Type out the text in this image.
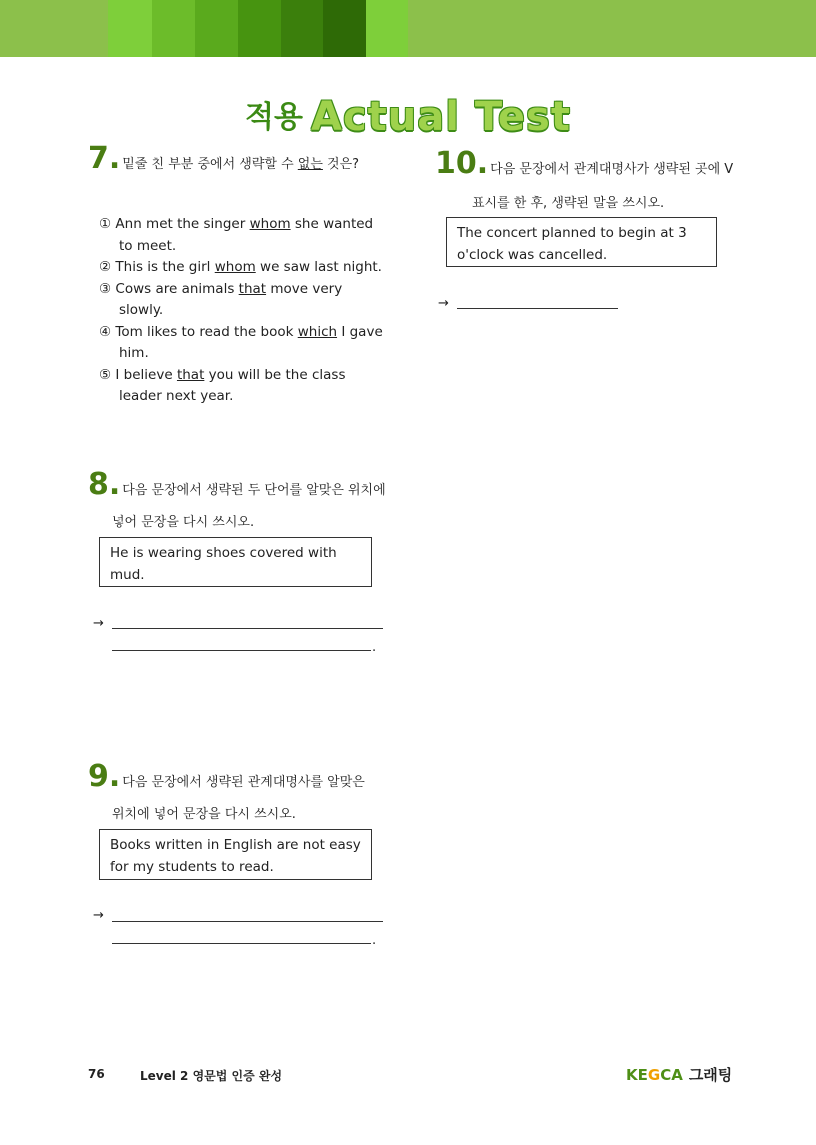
적용 Actual Test
7. 밑줄 친 부분 중에서 생략할 수 없는 것은?
① Ann met the singer whom she wanted to meet.
② This is the girl whom we saw last night.
③ Cows are animals that move very slowly.
④ Tom likes to read the book which I gave him.
⑤ I believe that you will be the class leader next year.
8. 다음 문장에서 생략된 두 단어를 알맞은 위치에
넣어 문장을 다시 쓰시오.
He is wearing shoes covered with mud.
→
.
9. 다음 문장에서 생략된 관계대명사를 알맞은
위치에 넣어 문장을 다시 쓰시오.
Books written in English are not easy for my students to read.
→
.
10. 다음 문장에서 관계대명사가 생략된 곳에 V
표시를 한 후, 생략된 말을 쓰시오.
The concert planned to begin at 3 o'clock was cancelled.
→
76	Level 2 영문법 인증 완성	KEGCA 그래팅
